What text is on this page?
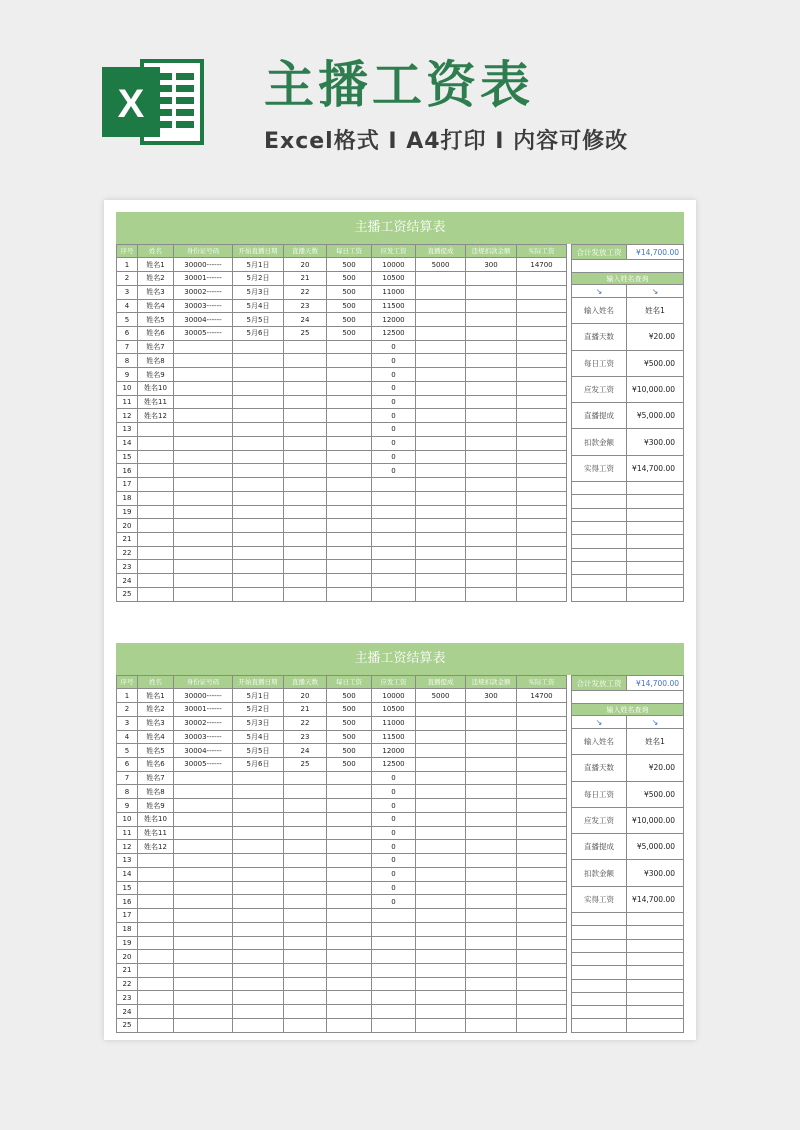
X 主播工资表
Excel格式 I A4打印 I 内容可修改
主播工资结算表
序号	姓名	身份证号码	开始直播日期	直播天数	每日工资	应发工资	直播提成	违规扣款金额	实际工资
1	姓名1	30000------	5月1日	20	500	10000	5000	300	14700
2	姓名2	30001------	5月2日	21	500	10500			
3	姓名3	30002------	5月3日	22	500	11000			
4	姓名4	30003------	5月4日	23	500	11500			
5	姓名5	30004------	5月5日	24	500	12000			
6	姓名6	30005------	5月6日	25	500	12500			
7	姓名7					0			
8	姓名8					0			
9	姓名9					0			
10	姓名10					0			
11	姓名11					0			
12	姓名12					0			
13						0			
14						0			
15						0			
16						0			
17									
18									
19									
20									
21									
22									
23									
24									
25									
合计发放工资	¥14,700.00

输入姓名查询	
↘	↘
输入姓名	姓名1
直播天数	¥20.00
每日工资	¥500.00
应发工资	¥10,000.00
直播提成	¥5,000.00
扣款金额	¥300.00
实得工资	¥14,700.00

主播工资结算表
序号	姓名	身份证号码	开始直播日期	直播天数	每日工资	应发工资	直播提成	违规扣款金额	实际工资
1	姓名1	30000------	5月1日	20	500	10000	5000	300	14700
2	姓名2	30001------	5月2日	21	500	10500			
3	姓名3	30002------	5月3日	22	500	11000			
4	姓名4	30003------	5月4日	23	500	11500			
5	姓名5	30004------	5月5日	24	500	12000			
6	姓名6	30005------	5月6日	25	500	12500			
7	姓名7					0			
8	姓名8					0			
9	姓名9					0			
10	姓名10					0			
11	姓名11					0			
12	姓名12					0			
13						0			
14						0			
15						0			
16						0			
17									
18									
19									
20									
21									
22									
23									
24									
25									
合计发放工资	¥14,700.00

输入姓名查询	
↘	↘
输入姓名	姓名1
直播天数	¥20.00
每日工资	¥500.00
应发工资	¥10,000.00
直播提成	¥5,000.00
扣款金额	¥300.00
实得工资	¥14,700.00
